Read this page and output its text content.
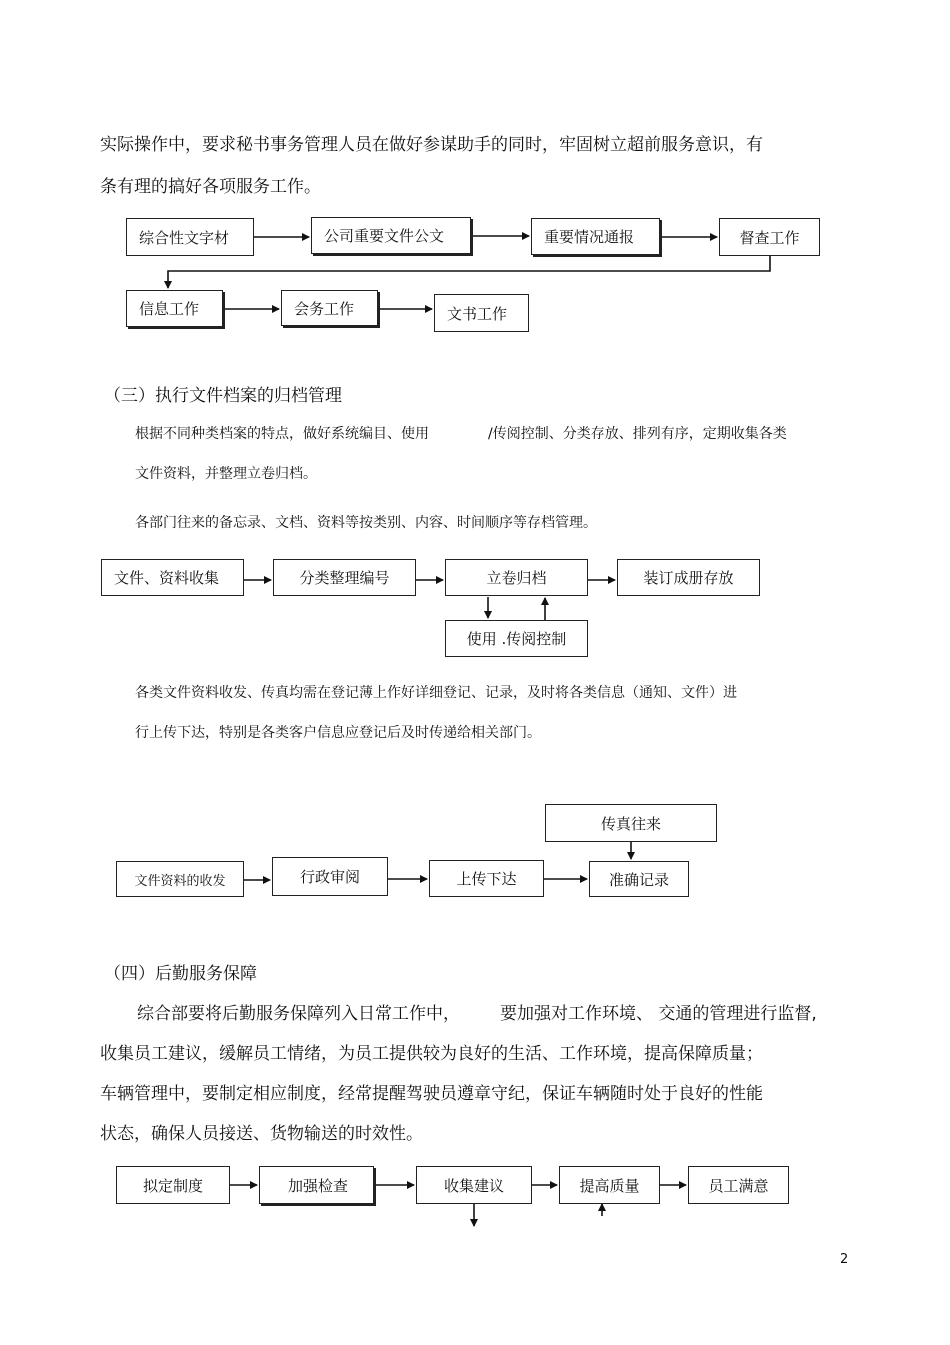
实际操作中，要求秘书事务管理人员在做好参谋助手的同时，牢固树立超前服务意识，有
条有理的搞好各项服务工作。
综合性文字材	公司重要文件公文	重要情况通报	督查工作
信息工作	会务工作	文书工作
（三）执行文件档案的归档管理
根据不同种类档案的特点，做好系统编目、使用	/传阅控制、分类存放、排列有序，定期收集各类
文件资料，并整理立卷归档。
各部门往来的备忘录、文档、资料等按类别、内容、时间顺序等存档管理。
文件、资料收集	分类整理编号	立卷归档	装订成册存放
使用 .传阅控制
各类文件资料收发、传真均需在登记薄上作好详细登记、记录，及时将各类信息（通知、文件）进
行上传下达，特别是各类客户信息应登记后及时传递给相关部门。
传真往来
文件资料的收发	行政审阅	上传下达	准确记录
（四）后勤服务保障
综合部要将后勤服务保障列入日常工作中， 要加强对工作环境、 交通的管理进行监督,
收集员工建议，缓解员工情绪，为员工提供较为良好的生活、工作环境，提高保障质量；
车辆管理中，要制定相应制度，经常提醒驾驶员遵章守纪，保证车辆随时处于良好的性能
状态，确保人员接送、货物输送的时效性。
拟定制度	加强检查	收集建议	提高质量	员工满意
2
